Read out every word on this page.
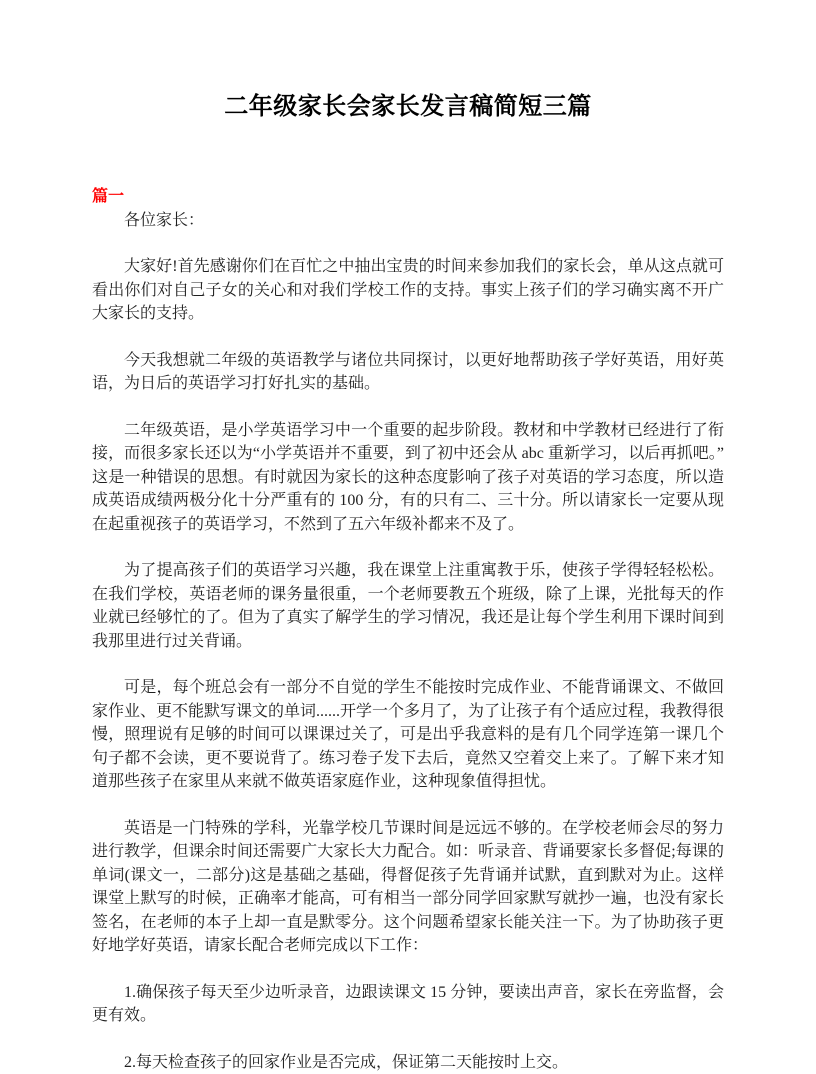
二年级家长会家长发言稿简短三篇
篇一

各位家长：

大家好!首先感谢你们在百忙之中抽出宝贵的时间来参加我们的家长会，单从这点就可看出你们对自己子女的关心和对我们学校工作的支持。事实上孩子们的学习确实离不开广大家长的支持。

今天我想就二年级的英语教学与诸位共同探讨，以更好地帮助孩子学好英语，用好英语，为日后的英语学习打好扎实的基础。

二年级英语，是小学英语学习中一个重要的起步阶段。教材和中学教材已经进行了衔接，而很多家长还以为“小学英语并不重要，到了初中还会从 abc 重新学习，以后再抓吧。”这是一种错误的思想。有时就因为家长的这种态度影响了孩子对英语的学习态度，所以造成英语成绩两极分化十分严重有的 100 分，有的只有二、三十分。所以请家长一定要从现在起重视孩子的英语学习，不然到了五六年级补都来不及了。

为了提高孩子们的英语学习兴趣，我在课堂上注重寓教于乐，使孩子学得轻轻松松。在我们学校，英语老师的课务量很重，一个老师要教五个班级，除了上课，光批每天的作业就已经够忙的了。但为了真实了解学生的学习情况，我还是让每个学生利用下课时间到我那里进行过关背诵。

可是，每个班总会有一部分不自觉的学生不能按时完成作业、不能背诵课文、不做回家作业、更不能默写课文的单词......开学一个多月了，为了让孩子有个适应过程，我教得很慢，照理说有足够的时间可以课课过关了，可是出乎我意料的是有几个同学连第一课几个句子都不会读，更不要说背了。练习卷子发下去后，竟然又空着交上来了。了解下来才知道那些孩子在家里从来就不做英语家庭作业，这种现象值得担忧。

英语是一门特殊的学科，光靠学校几节课时间是远远不够的。在学校老师会尽的努力进行教学，但课余时间还需要广大家长大力配合。如：听录音、背诵要家长多督促;每课的单词(课文一，二部分)这是基础之基础，得督促孩子先背诵并试默，直到默对为止。这样课堂上默写的时候，正确率才能高，可有相当一部分同学回家默写就抄一遍，也没有家长签名，在老师的本子上却一直是默零分。这个问题希望家长能关注一下。为了协助孩子更好地学好英语，请家长配合老师完成以下工作：

1.确保孩子每天至少边听录音，边跟读课文 15 分钟，要读出声音，家长在旁监督，会更有效。

2.每天检查孩子的回家作业是否完成，保证第二天能按时上交。
